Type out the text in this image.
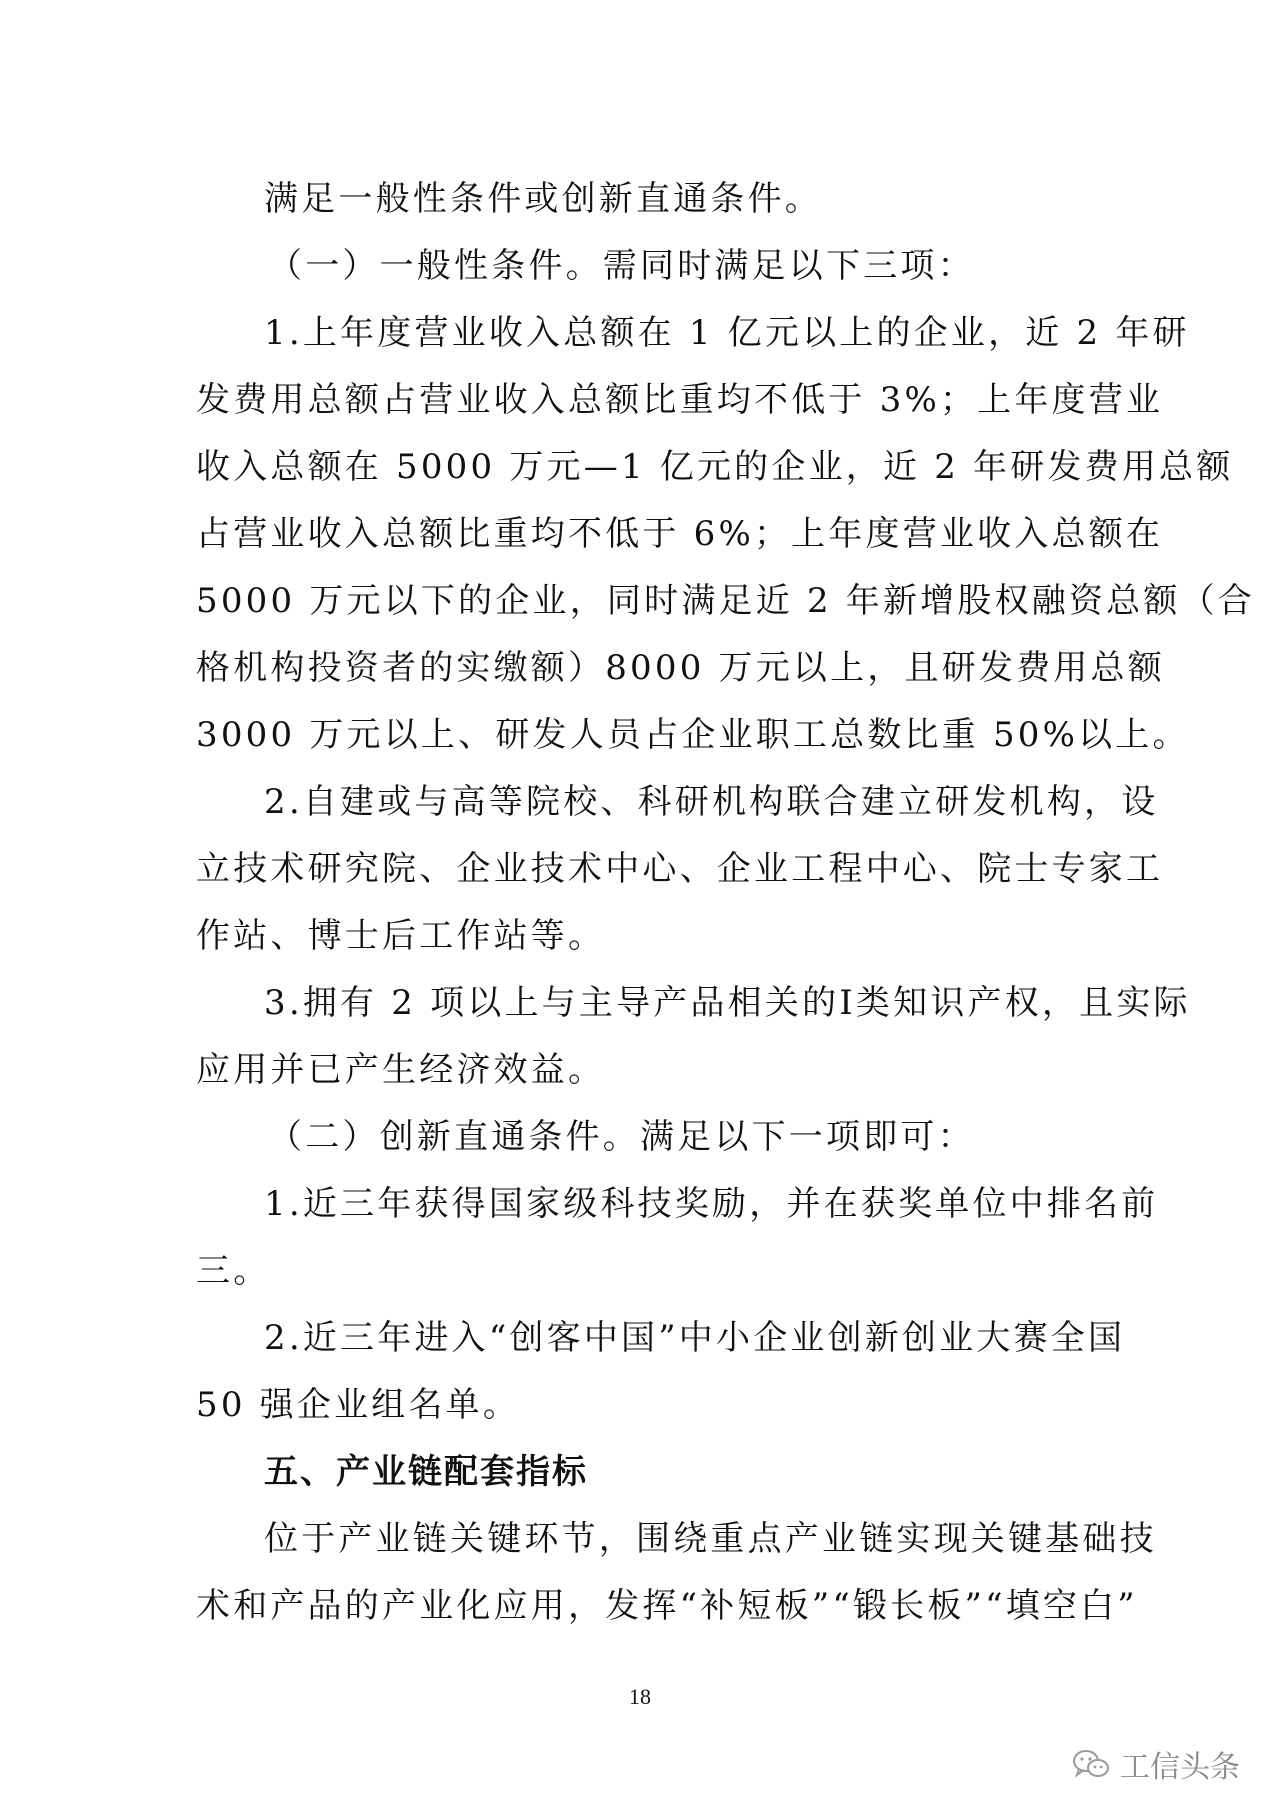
满足一般性条件或创新直通条件。
（一）一般性条件。需同时满足以下三项：
1.上年度营业收入总额在 1 亿元以上的企业，近 2 年研
发费用总额占营业收入总额比重均不低于 3%；上年度营业
收入总额在 5000 万元—1 亿元的企业，近 2 年研发费用总额
占营业收入总额比重均不低于 6%；上年度营业收入总额在
5000 万元以下的企业，同时满足近 2 年新增股权融资总额（合
格机构投资者的实缴额）8000 万元以上，且研发费用总额
3000 万元以上、研发人员占企业职工总数比重 50%以上。
2.自建或与高等院校、科研机构联合建立研发机构，设
立技术研究院、企业技术中心、企业工程中心、院士专家工
作站、博士后工作站等。
3.拥有 2 项以上与主导产品相关的I类知识产权，且实际
应用并已产生经济效益。
（二）创新直通条件。满足以下一项即可：
1.近三年获得国家级科技奖励，并在获奖单位中排名前
三。
2.近三年进入“创客中国”中小企业创新创业大赛全国
50 强企业组名单。
五、产业链配套指标
位于产业链关键环节，围绕重点产业链实现关键基础技
术和产品的产业化应用，发挥“补短板”“锻长板”“填空白”
18
工信头条
